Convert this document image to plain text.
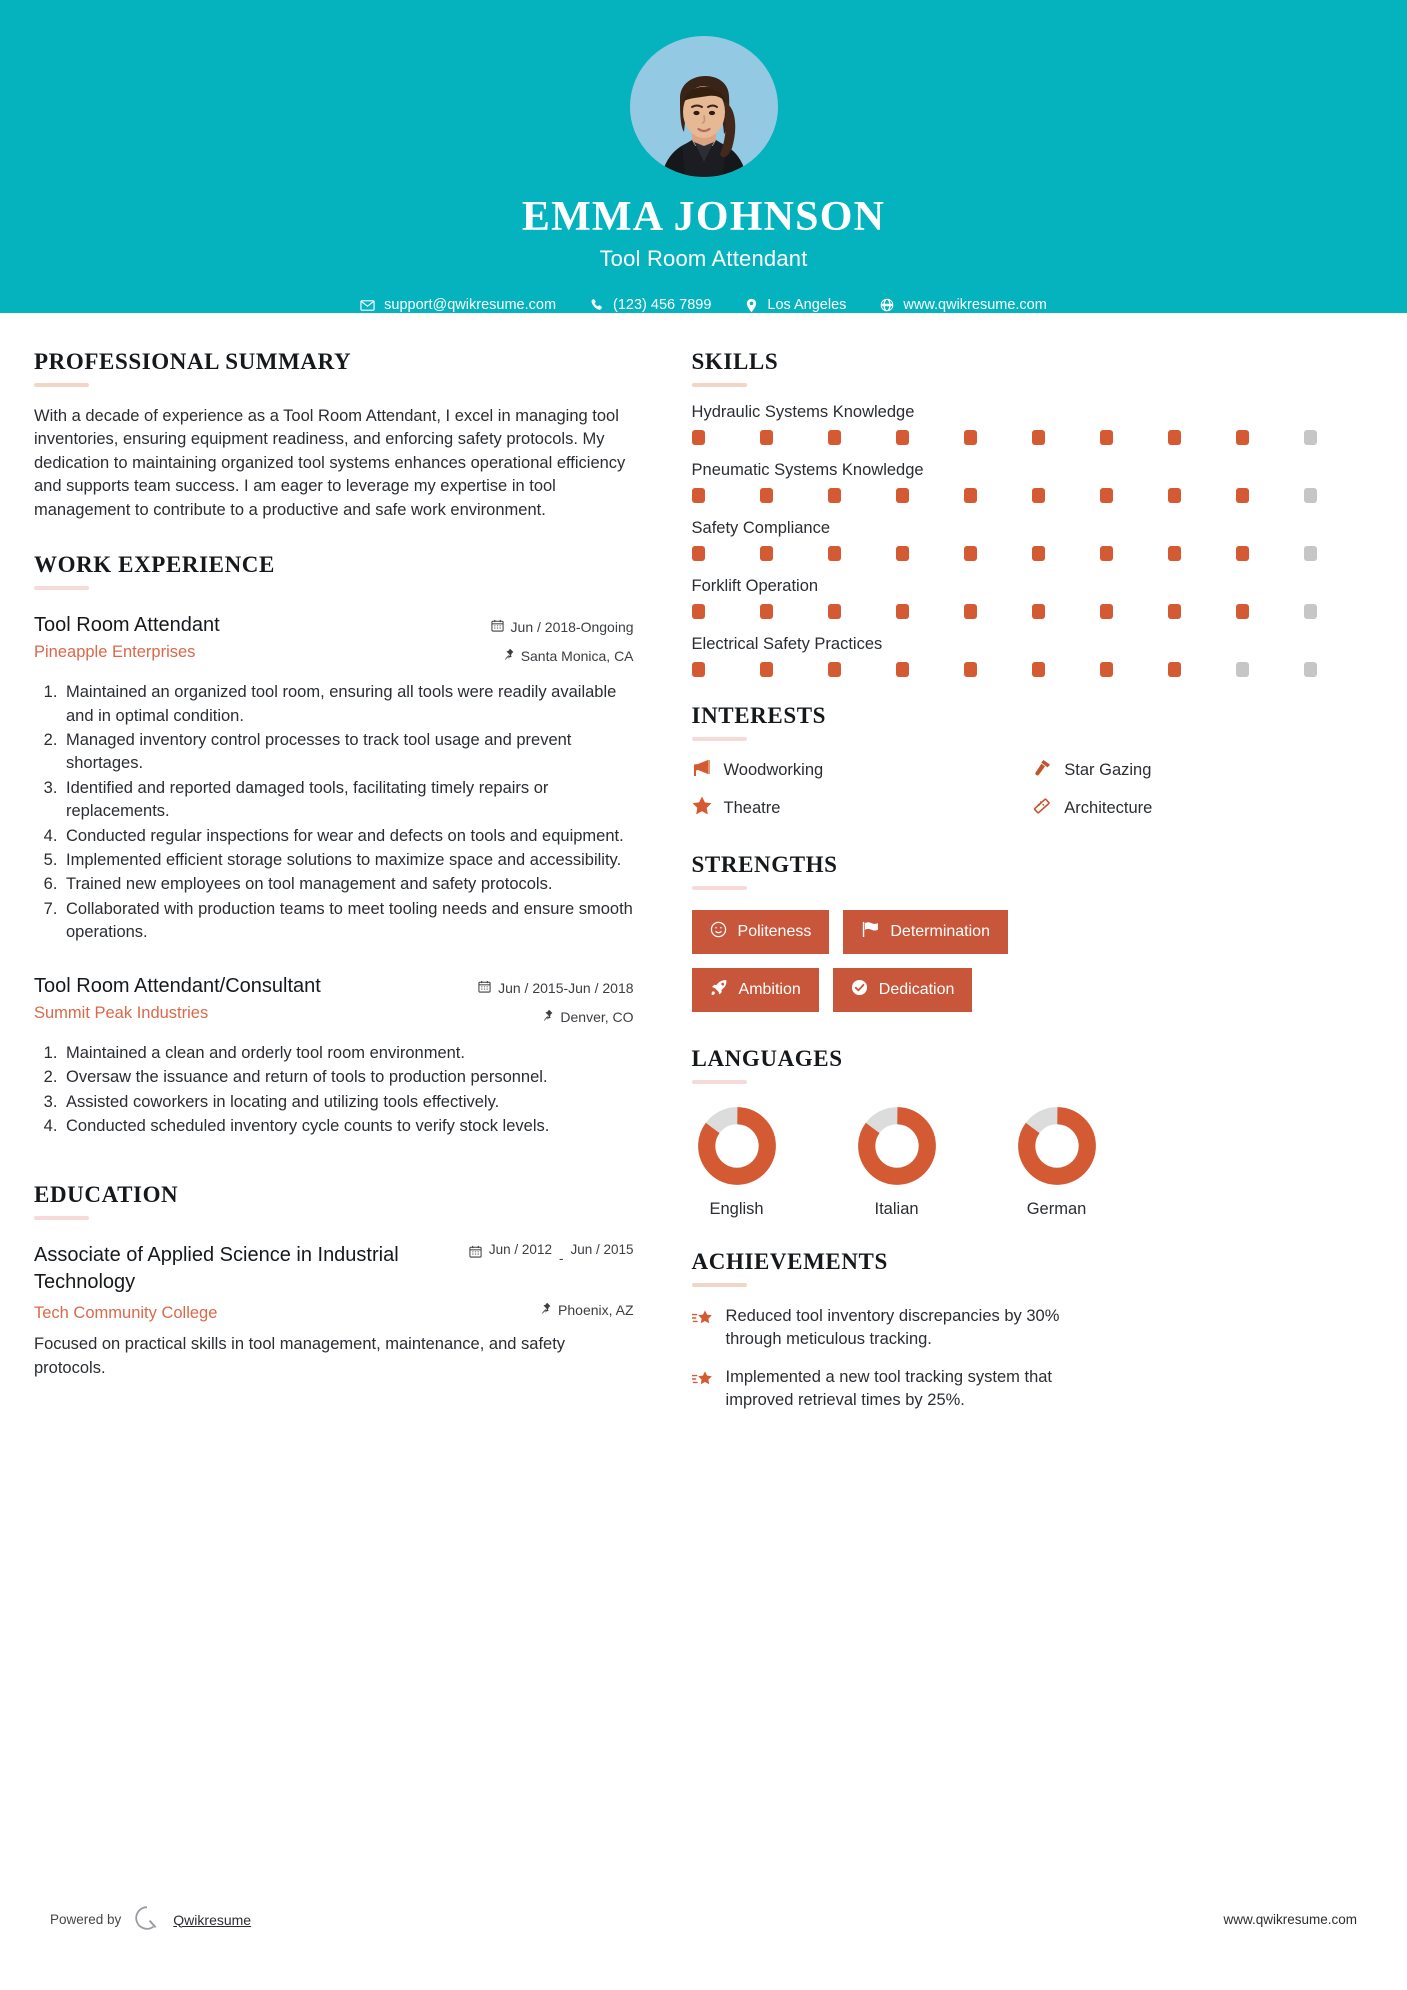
EMMA JOHNSON
Tool Room Attendant
support@qwikresume.com	(123) 456 7899	Los Angeles	www.qwikresume.com
PROFESSIONAL SUMMARY

With a decade of experience as a Tool Room Attendant, I excel in managing tool inventories, ensuring equipment readiness, and enforcing safety protocols. My dedication to maintaining organized tool systems enhances operational efficiency and supports team success. I am eager to leverage my expertise in tool management to contribute to a productive and safe work environment.

WORK EXPERIENCE
Tool Room Attendant
Pineapple Enterprises
Jun / 2018-Ongoing
Santa Monica, CA
1. Maintained an organized tool room, ensuring all tools were readily available and in optimal condition.
2. Managed inventory control processes to track tool usage and prevent shortages.
3. Identified and reported damaged tools, facilitating timely repairs or replacements.
4. Conducted regular inspections for wear and defects on tools and equipment.
5. Implemented efficient storage solutions to maximize space and accessibility.
6. Trained new employees on tool management and safety protocols.
7. Collaborated with production teams to meet tooling needs and ensure smooth operations.
Tool Room Attendant/Consultant
Summit Peak Industries
Jun / 2015-Jun / 2018
Denver, CO
1. Maintained a clean and orderly tool room environment.
2. Oversaw the issuance and return of tools to production personnel.
3. Assisted coworkers in locating and utilizing tools effectively.
4. Conducted scheduled inventory cycle counts to verify stock levels.
EDUCATION
Associate of Applied Science in Industrial Technology
Jun / 2012
-
Jun / 2015
Tech Community College	Phoenix, AZ

Focused on practical skills in tool management, maintenance, and safety protocols.

SKILLS
Hydraulic Systems Knowledge
Pneumatic Systems Knowledge
Safety Compliance
Forklift Operation
Electrical Safety Practices
INTERESTS
Woodworking	Star Gazing
Theatre	Architecture
STRENGTHS
Politeness	Determination
Ambition	Dedication
LANGUAGES
English	Italian	German
ACHIEVEMENTS
Reduced tool inventory discrepancies by 30% through meticulous tracking.
Implemented a new tool tracking system that improved retrieval times by 25%.
Powered by	Qwikresume	www.qwikresume.com
